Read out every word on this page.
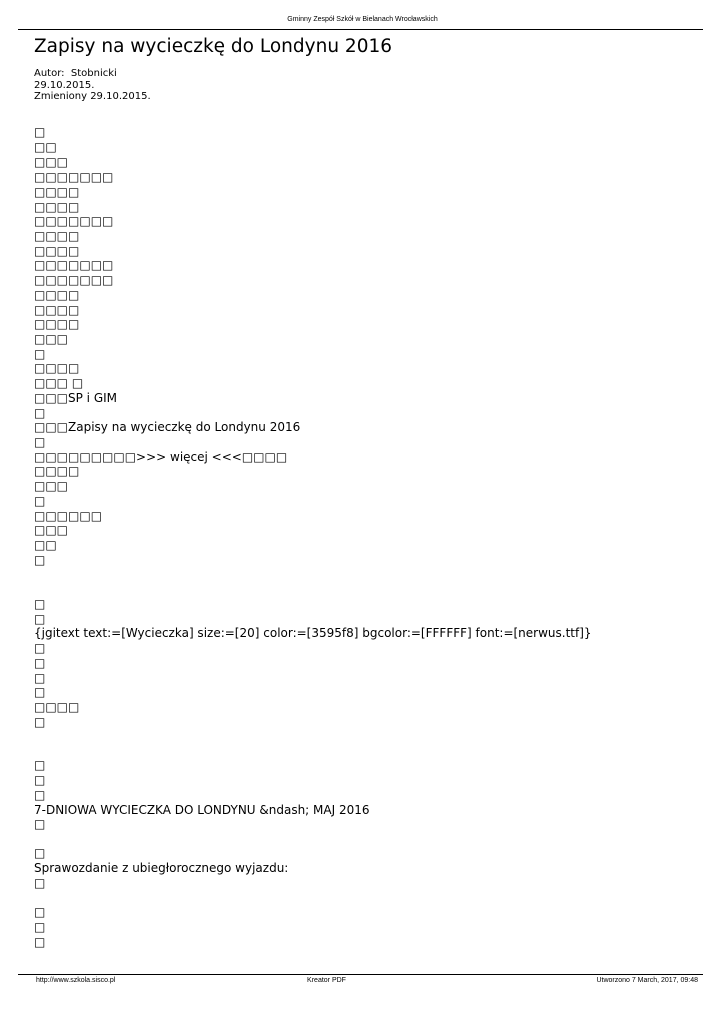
Gminny Zespół Szkół w Bielanach Wrocławskich
Zapisy na wycieczkę do Londynu 2016
Autor:  Stobnicki
29.10.2015.
Zmieniony 29.10.2015.
□
□□
□□□
□□□□□□□
□□□□
□□□□
□□□□□□□
□□□□
□□□□
□□□□□□□
□□□□□□□
□□□□
□□□□
□□□□
□□□
□
□□□□
□□□ □
□□□SP i GIM
□
□□□Zapisy na wycieczkę do Londynu 2016
□
□□□□□□□□□>>> więcej <<<□□□□
□□□□
□□□
□
□□□□□□
□□□
□□
□
□
□
{jgitext text:=[Wycieczka] size:=[20] color:=[3595f8] bgcolor:=[FFFFFF] font:=[nerwus.ttf]}
□
□
□
□
□□□□
□
□
□
□
7-DNIOWA WYCIECZKA DO LONDYNU &ndash; MAJ 2016
□
□
Sprawozdanie z ubiegłorocznego wyjazdu:
□
□
□
□
http://www.szkola.sisco.pl	Kreator PDF	Utworzono 7 March, 2017, 09:48
